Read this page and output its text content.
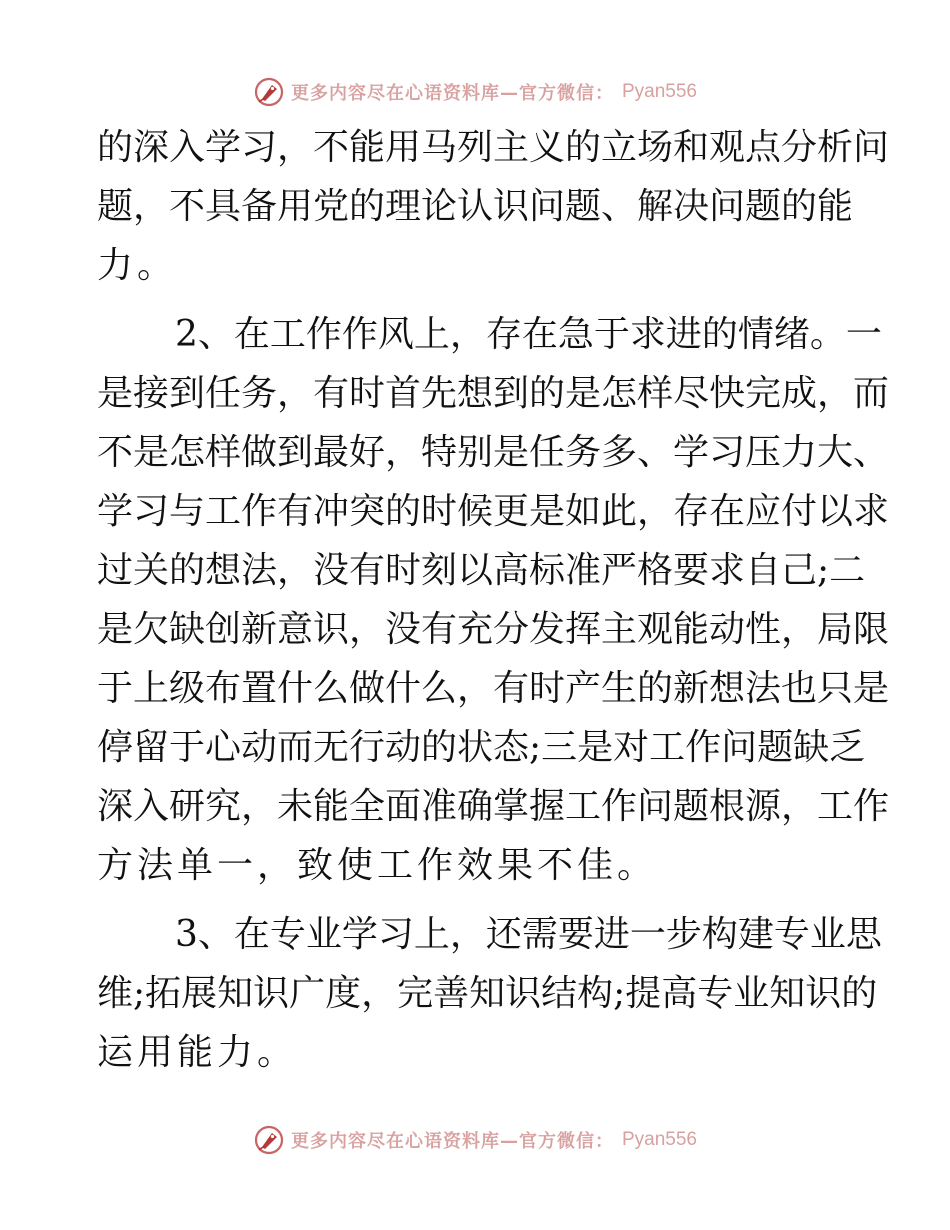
更多内容尽在心语资料库—官方微信： Pyan556
的深入学习，不能用马列主义的立场和观点分析问
题，不具备用党的理论认识问题、解决问题的能
力。
2、在工作作风上，存在急于求进的情绪。一
是接到任务，有时首先想到的是怎样尽快完成，而
不是怎样做到最好，特别是任务多、学习压力大、
学习与工作有冲突的时候更是如此，存在应付以求
过关的想法，没有时刻以高标准严格要求自己;二
是欠缺创新意识，没有充分发挥主观能动性，局限
于上级布置什么做什么，有时产生的新想法也只是
停留于心动而无行动的状态;三是对工作问题缺乏
深入研究，未能全面准确掌握工作问题根源，工作
方法单一，致使工作效果不佳。
3、在专业学习上，还需要进一步构建专业思
维;拓展知识广度，完善知识结构;提高专业知识的
运用能力。
更多内容尽在心语资料库—官方微信： Pyan556
